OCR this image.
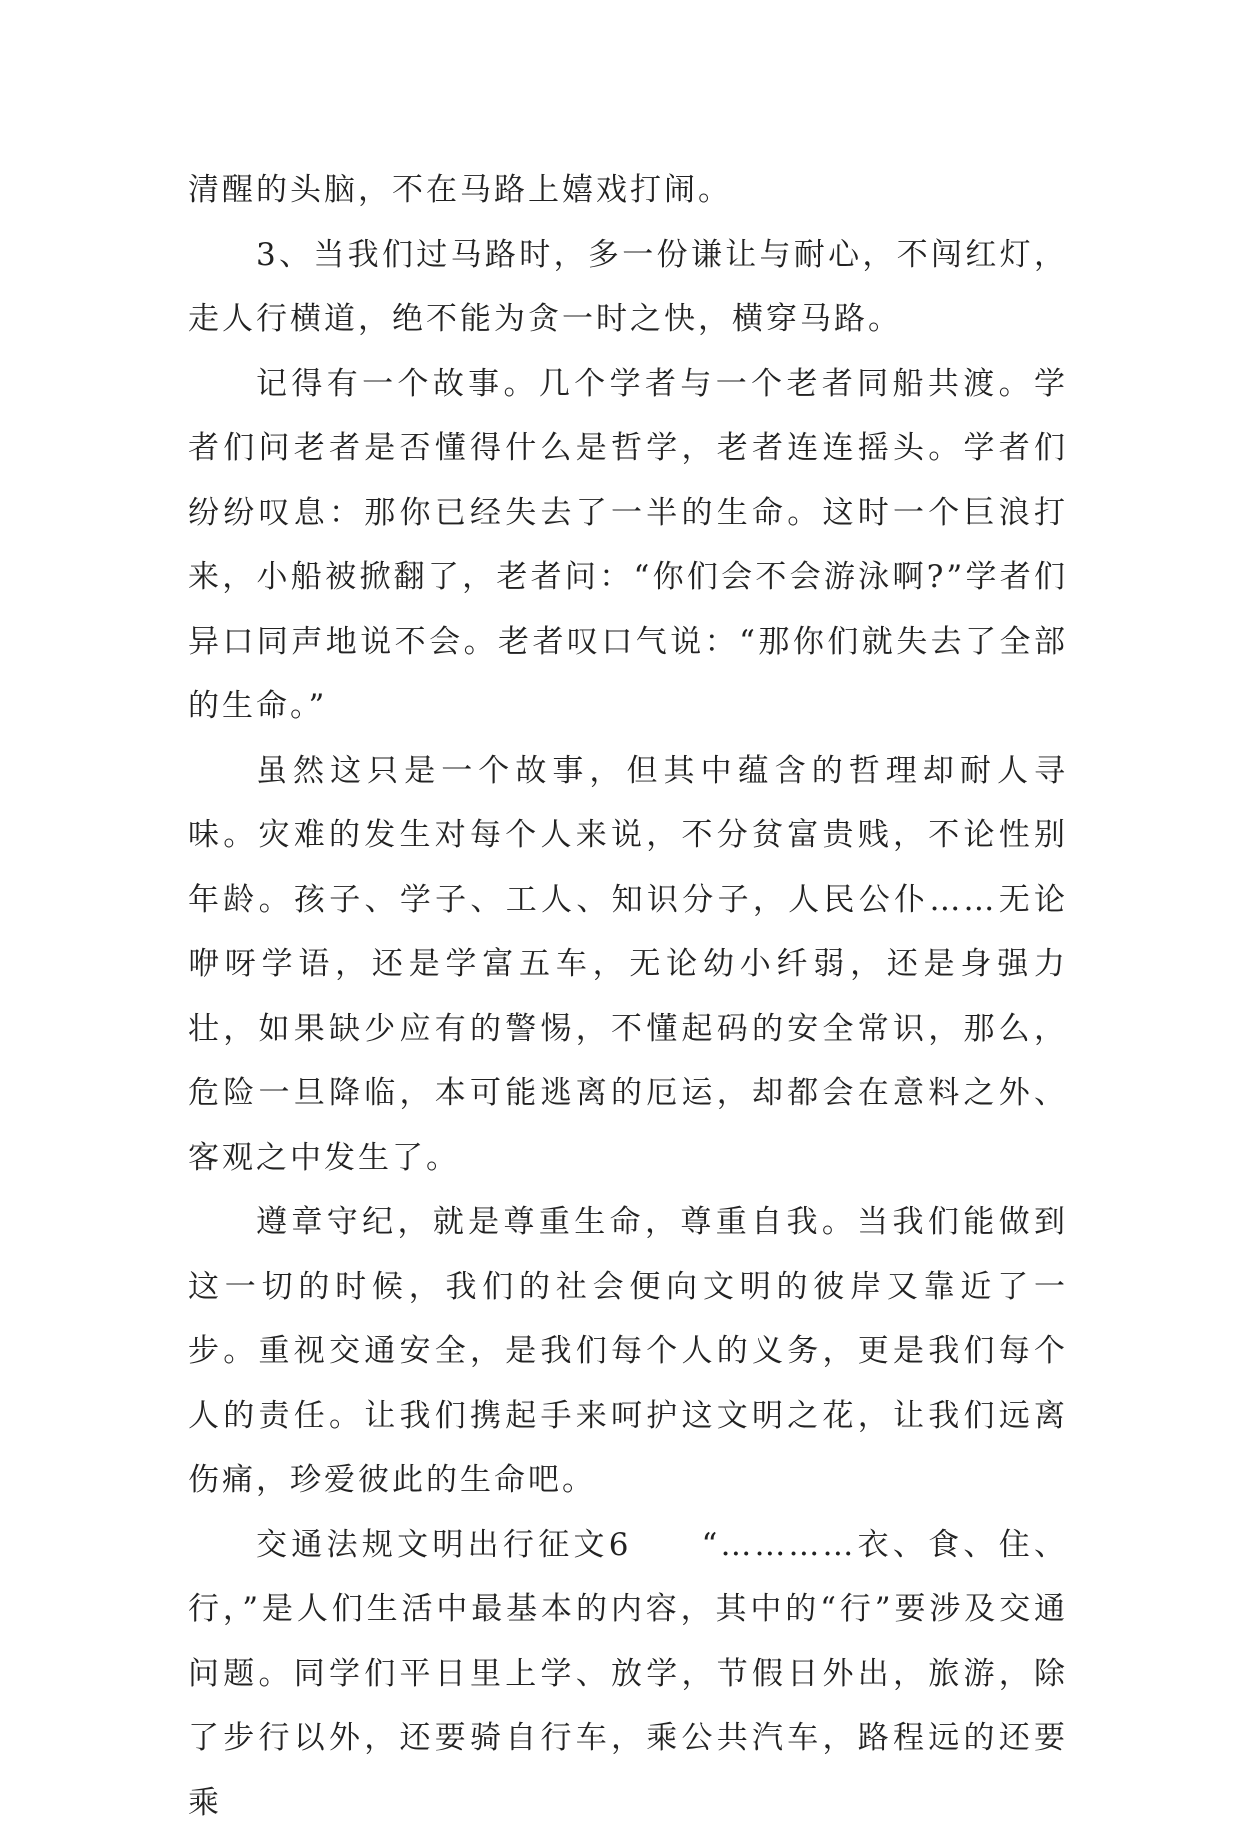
清醒的头脑，不在马路上嬉戏打闹。

3、当我们过马路时，多一份谦让与耐心，不闯红灯，走人行横道，绝不能为贪一时之快，横穿马路。

记得有一个故事。几个学者与一个老者同船共渡。学者们问老者是否懂得什么是哲学，老者连连摇头。学者们纷纷叹息：那你已经失去了一半的生命。这时一个巨浪打来，小船被掀翻了，老者问：“你们会不会游泳啊?”学者们异口同声地说不会。老者叹口气说：“那你们就失去了全部的生命。”

虽然这只是一个故事，但其中蕴含的哲理却耐人寻味。灾难的发生对每个人来说，不分贫富贵贱，不论性别年龄。孩子、学子、工人、知识分子，人民公仆……无论咿呀学语，还是学富五车，无论幼小纤弱，还是身强力壮，如果缺少应有的警惕，不懂起码的安全常识，那么，危险一旦降临，本可能逃离的厄运，却都会在意料之外、客观之中发生了。

遵章守纪，就是尊重生命，尊重自我。当我们能做到这一切的时候，我们的社会便向文明的彼岸又靠近了一步。重视交通安全，是我们每个人的义务，更是我们每个人的责任。让我们携起手来呵护这文明之花，让我们远离伤痛，珍爱彼此的生命吧。

交通法规文明出行征文6 “…………衣、食、住、行，”是人们生活中最基本的内容，其中的“行”要涉及交通问题。同学们平日里上学、放学，节假日外出，旅游，除了步行以外，还要骑自行车，乘公共汽车，路程远的还要乘
